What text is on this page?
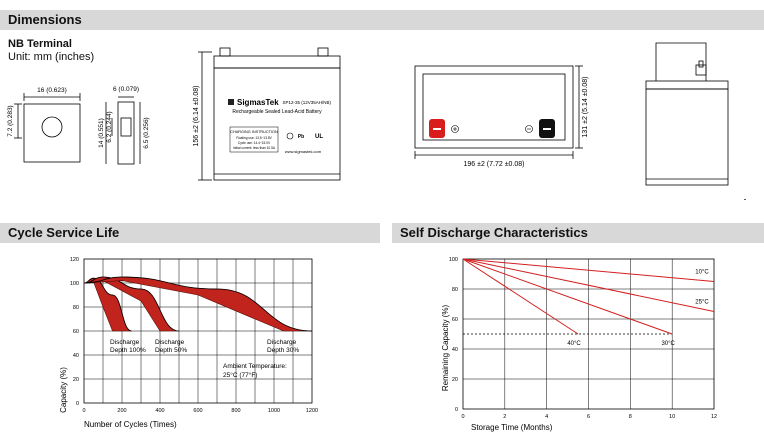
Dimensions
Cycle Service Life	Self Discharge Characteristics
NB Terminal
Unit: mm (inches)
16 (0.623)
7.2 (0.283)
6 (0.079)
14 (0.551) 6.2 (0.244)	6.5 (0.256)	156 ±2 (6.14 ±0.08)	SigmasTek SP12-35 (12V35AH/NB)
Rechargeable Sealed Lead-Acid Battery
CHARGING INSTRUCTION
Floating use: 13.5~13.8V
Cycle use: 14.4~15.0V
Initial current: less than 10.5A
Pb UL
www.sigmastek.com
196 ±2 (7.72 ±0.08)
131 ±2 (5.14 ±0.08)
0	200	400	600	800	1000	1200
0
20
40
60
80
100
120
Number of Cycles (Times)
Capacity (%)
Discharge
Depth 100%
Discharge
Depth 50%
Discharge
Depth 30%
Ambient Temperature:
25°C (77°F)
10°C
25°C
30°C
40°C
0	2	4	6	8	10	12
0
20
40
60
80
100
Storage Time (Months)
Remaining Capacity (%)
